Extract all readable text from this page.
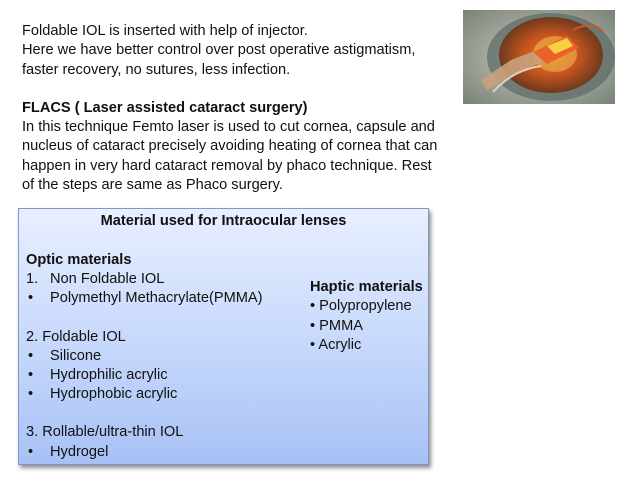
Foldable IOL is inserted with help of injector.

Here we have better control over post operative astigmatism,

faster recovery, no sutures, less infection.

FLACS ( Laser assisted cataract surgery)

In this technique Femto laser is used to cut cornea, capsule and

nucleus of cataract precisely avoiding heating of cornea that can

happen in very hard cataract removal by phaco technique. Rest

of the steps are same as Phaco surgery.

Material used for Intraocular lenses
Optic materials
1. Non Foldable IOL
• Polymethyl Methacrylate(PMMA)
2. Foldable IOL
• Silicone
• Hydrophilic acrylic
• Hydrophobic acrylic
3. Rollable/ultra-thin IOL
• Hydrogel
Haptic materials
• Polypropylene
• PMMA
• Acrylic
